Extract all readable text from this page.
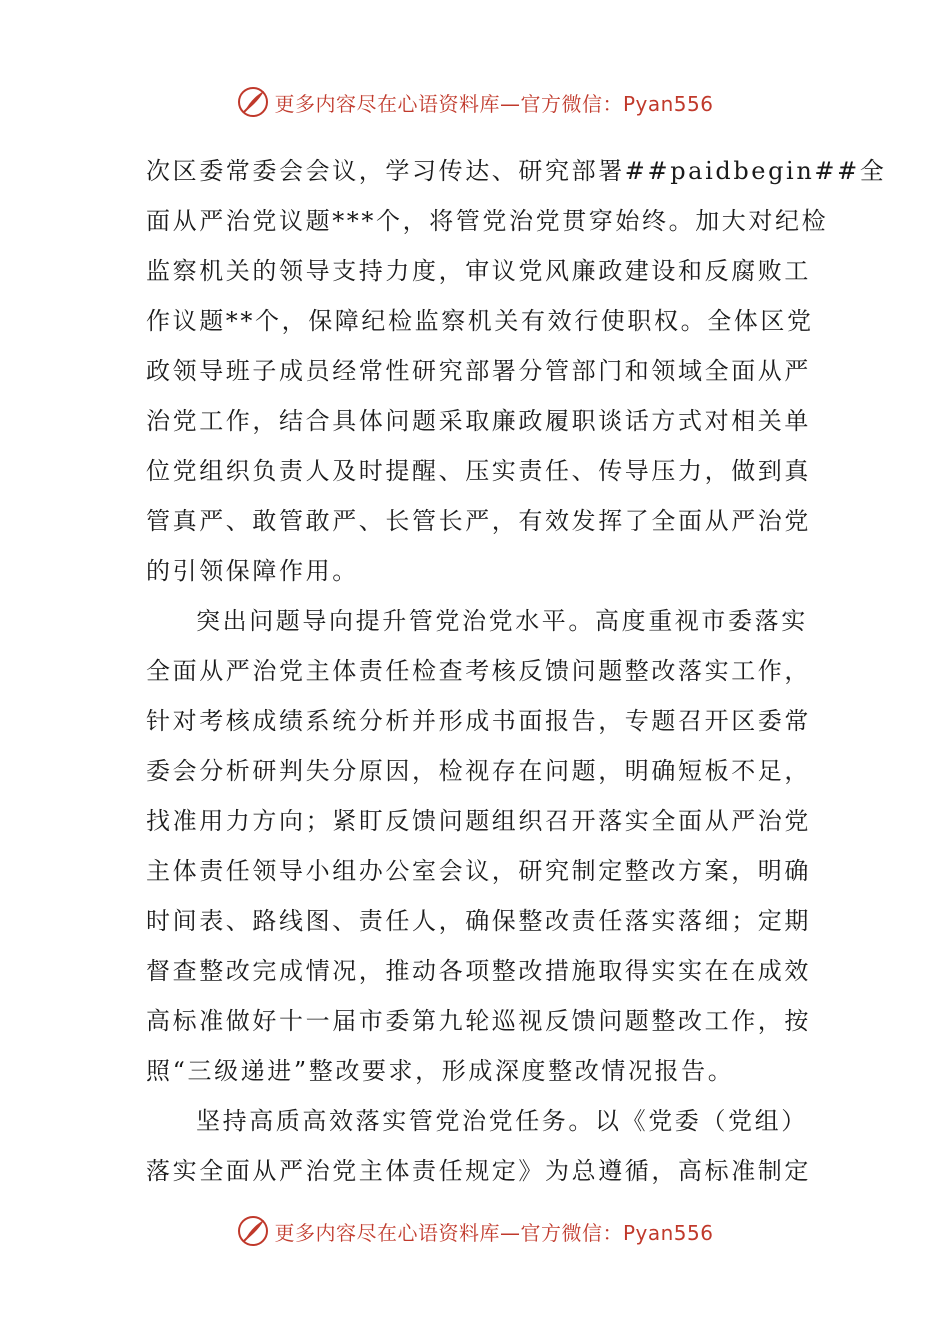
更多内容尽在心语资料库—官方微信：Pyan556
次区委常委会会议，学习传达、研究部署##paidbegin##全
面从严治党议题***个，将管党治党贯穿始终。加大对纪检
监察机关的领导支持力度，审议党风廉政建设和反腐败工
作议题**个，保障纪检监察机关有效行使职权。全体区党
政领导班子成员经常性研究部署分管部门和领域全面从严
治党工作，结合具体问题采取廉政履职谈话方式对相关单
位党组织负责人及时提醒、压实责任、传导压力，做到真
管真严、敢管敢严、长管长严，有效发挥了全面从严治党
的引领保障作用。
突出问题导向提升管党治党水平。高度重视市委落实
全面从严治党主体责任检查考核反馈问题整改落实工作，
针对考核成绩系统分析并形成书面报告，专题召开区委常
委会分析研判失分原因，检视存在问题，明确短板不足，
找准用力方向；紧盯反馈问题组织召开落实全面从严治党
主体责任领导小组办公室会议，研究制定整改方案，明确
时间表、路线图、责任人，确保整改责任落实落细；定期
督查整改完成情况，推动各项整改措施取得实实在在成效
高标准做好十一届市委第九轮巡视反馈问题整改工作，按
照“三级递进”整改要求，形成深度整改情况报告。
坚持高质高效落实管党治党任务。以《党委（党组）
落实全面从严治党主体责任规定》为总遵循，高标准制定
更多内容尽在心语资料库—官方微信：Pyan556
